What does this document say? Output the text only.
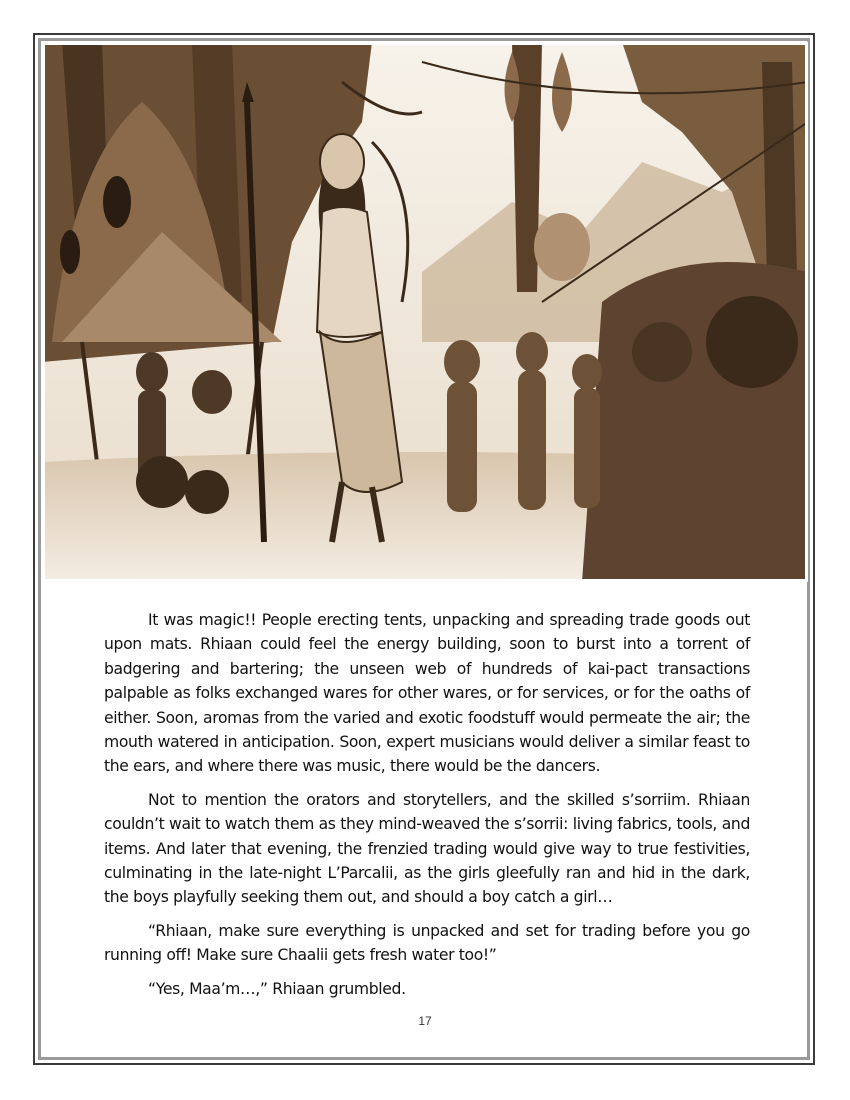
It was magic!! People erecting tents, unpacking and spreading trade goods out upon mats. Rhiaan could feel the energy building, soon to burst into a torrent of badgering and bartering; the unseen web of hundreds of kai-pact transactions palpable as folks exchanged wares for other wares, or for services, or for the oaths of either. Soon, aromas from the varied and exotic foodstuff would permeate the air; the mouth watered in anticipation. Soon, expert musicians would deliver a similar feast to the ears, and where there was music, there would be the dancers.

Not to mention the orators and storytellers, and the skilled s’sorriim. Rhiaan couldn’t wait to watch them as they mind-weaved the s’sorrii: living fabrics, tools, and items. And later that evening, the frenzied trading would give way to true festivities, culminating in the late-night L’Parcalii, as the girls gleefully ran and hid in the dark, the boys playfully seeking them out, and should a boy catch a girl…

“Rhiaan, make sure everything is unpacked and set for trading before you go running off! Make sure Chaalii gets fresh water too!”

“Yes, Maa’m…,” Rhiaan grumbled.

17
